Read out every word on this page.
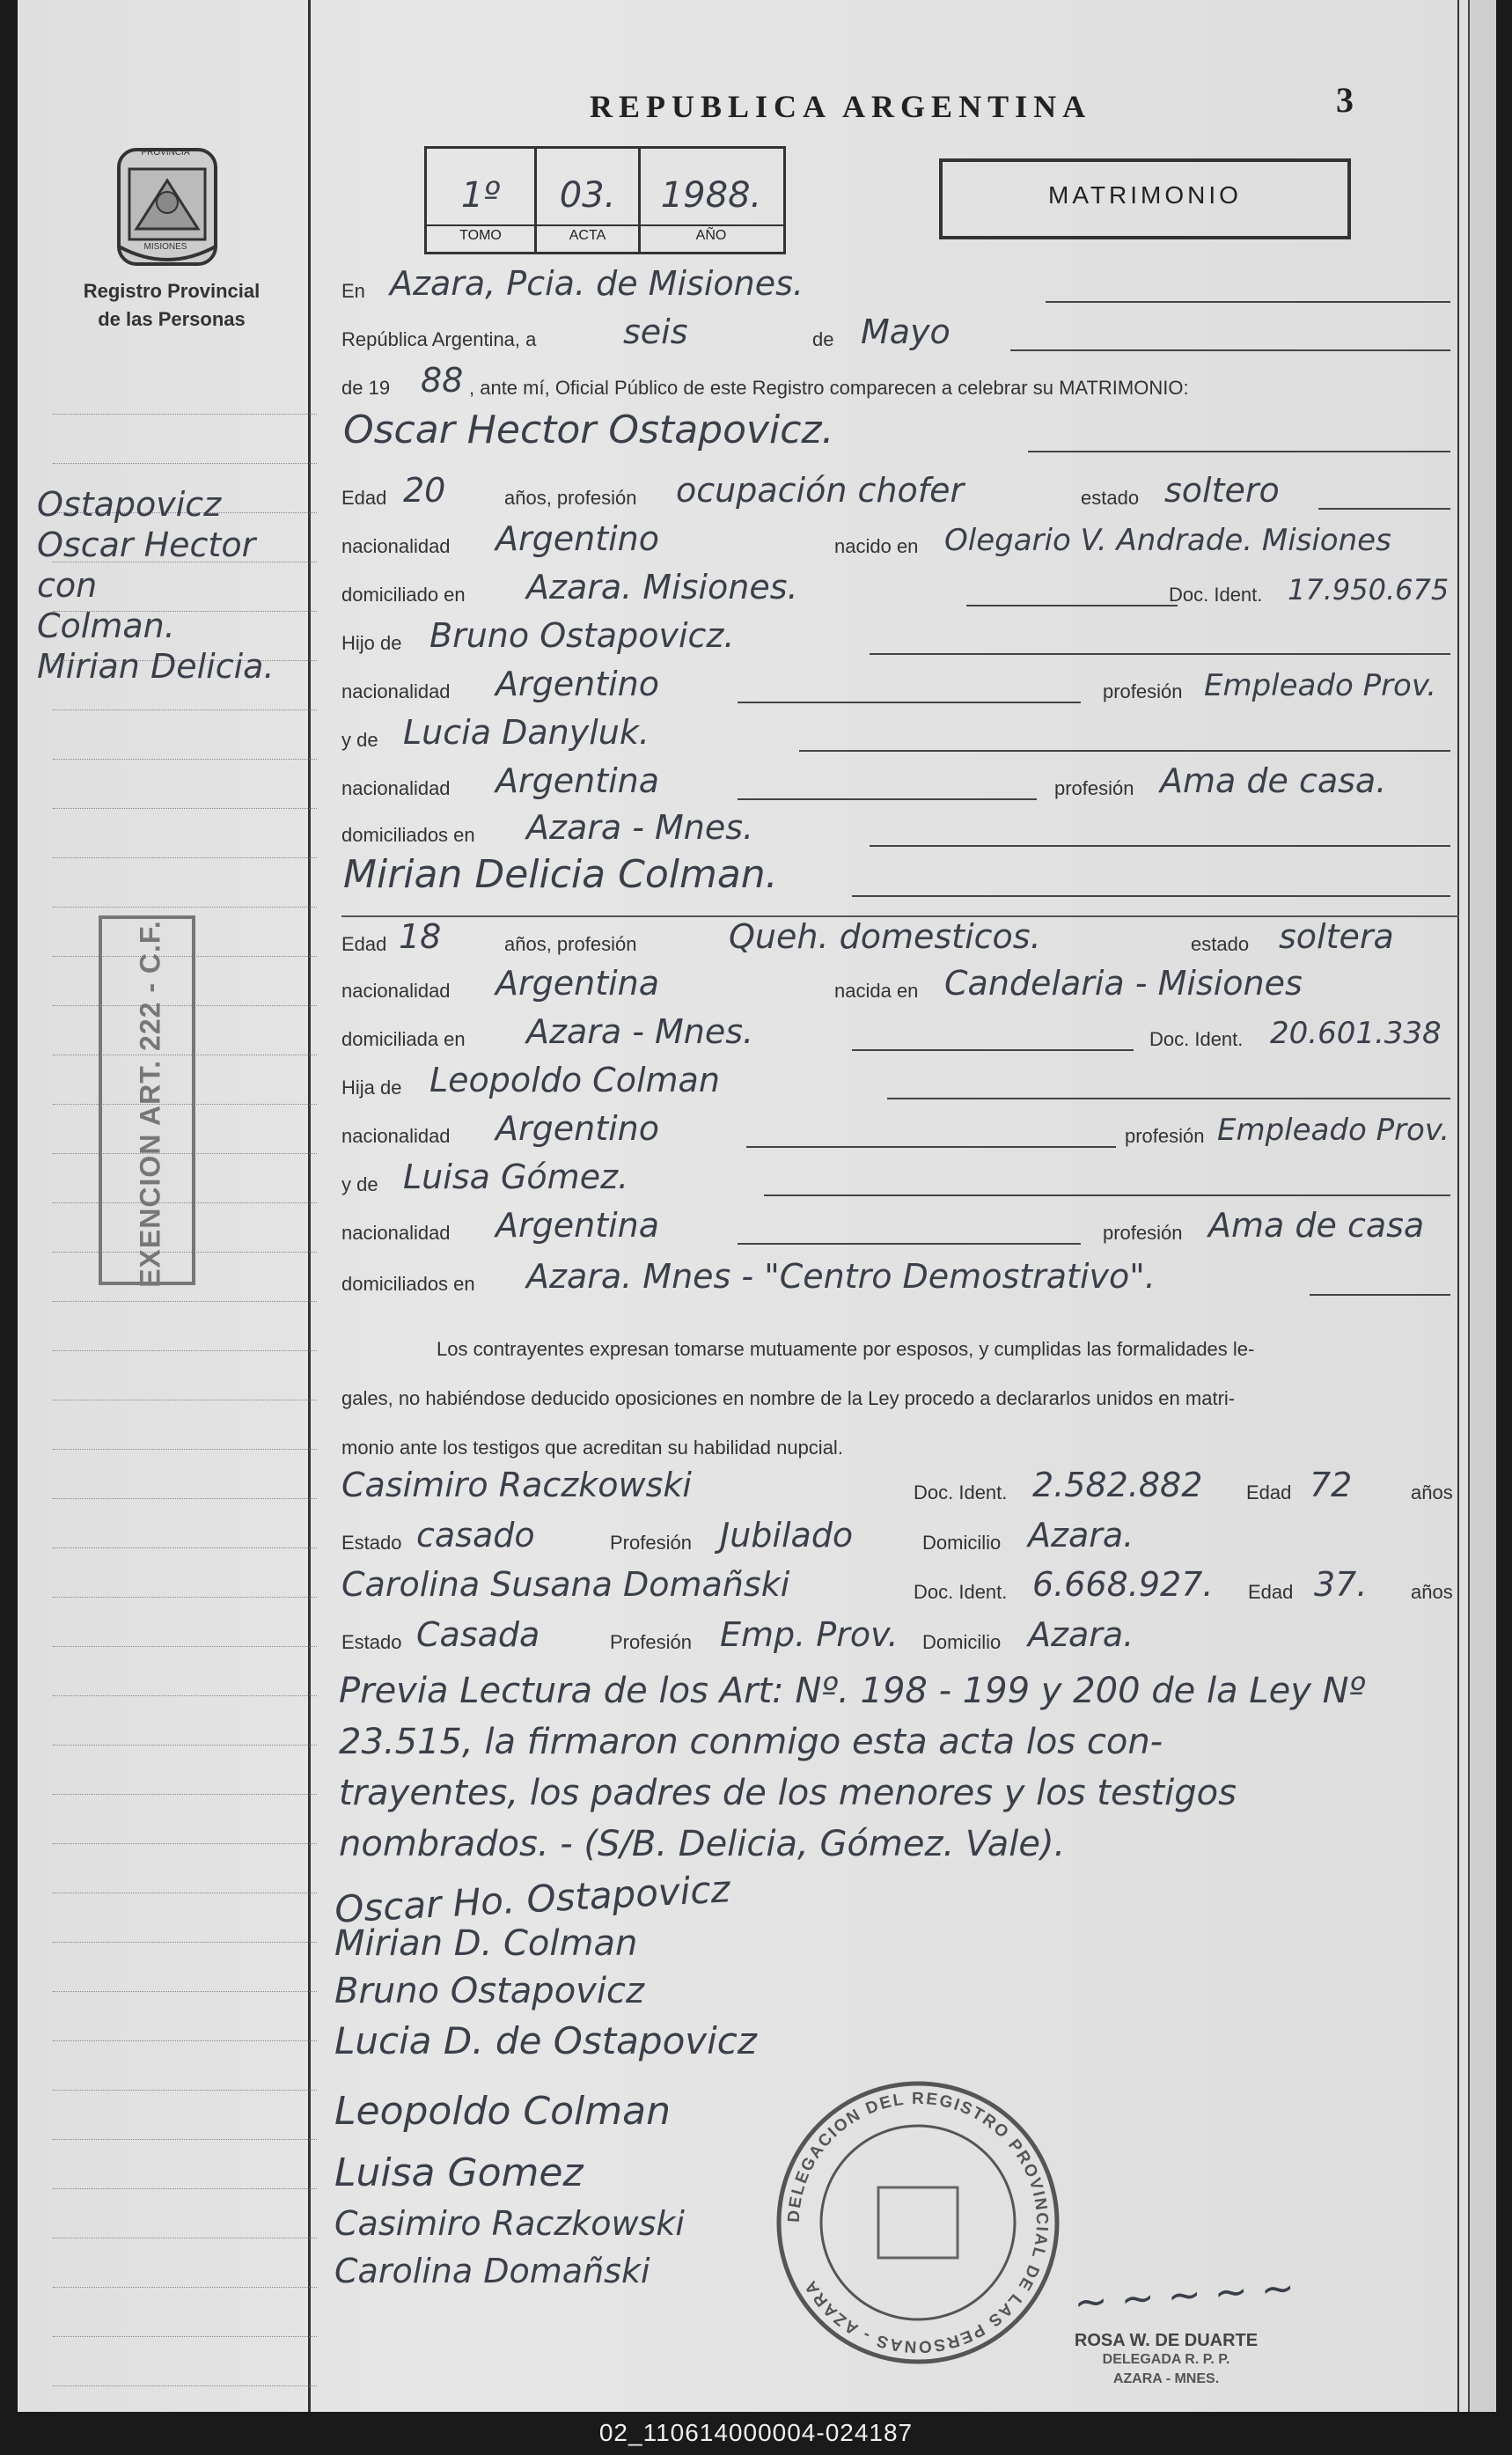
PROVINCIA
MISIONES
Registro Provincial
de las Personas
Ostapovicz
Oscar Hector
con
Colman.
Mirian Delicia.
EXENCION ART. 222 - C.F.
REPUBLICA ARGENTINA	3
1º	03.	1988.
TOMO	ACTA	AÑO
MATRIMONIO
En Azara, Pcia. de Misiones.
República Argentina, a	seis	de Mayo
de 19 88 , ante mí, Oficial Público de este Registro comparecen a celebrar su MATRIMONIO:
Oscar Hector Ostapovicz.
Edad 20	años, profesión ocupación chofer	estado soltero
nacionalidad Argentino	nacido en Olegario V. Andrade. Misiones
domiciliado en Azara. Misiones.	Doc. Ident. 17.950.675
Hijo de Bruno Ostapovicz.
nacionalidad Argentino	profesión Empleado Prov.
y de Lucia Danyluk.
nacionalidad Argentina	profesión Ama de casa.
domiciliados en Azara - Mnes.
Mirian Delicia Colman.
Edad 18	años, profesión	Queh. domesticos.	estado soltera
nacionalidad Argentina	nacida en Candelaria - Misiones
domiciliada en Azara - Mnes.	Doc. Ident. 20.601.338
Hija de Leopoldo Colman
nacionalidad Argentino	profesión Empleado Prov.
y de Luisa Gómez.
nacionalidad Argentina	profesión Ama de casa
domiciliados en Azara. Mnes - "Centro Demostrativo".
Los contrayentes expresan tomarse mutuamente por esposos, y cumplidas las formalidades le-
gales, no habiéndose deducido oposiciones en nombre de la Ley procedo a declararlos unidos en matri-
monio ante los testigos que acreditan su habilidad nupcial.
Casimiro Raczkowski	Doc. Ident. 2.582.882 Edad 72	años
Estado casado	Profesión Jubilado	Domicilio Azara.
Carolina Susana Domañski	Doc. Ident. 6.668.927. Edad 37. años
Estado Casada	Profesión Emp. Prov. Domicilio Azara.
Previa Lectura de los Art: Nº. 198 - 199 y 200 de la Ley Nº
23.515, la firmaron conmigo esta acta los con-
trayentes, los padres de los menores y los testigos
nombrados. - (S/B. Delicia, Gómez. Vale).
Oscar Ho. Ostapovicz
Mirian D. Colman
Bruno Ostapovicz
Lucia D. de Ostapovicz
Leopoldo Colman
Luisa Gomez
Casimiro Raczkowski
Carolina Domañski
DELEGACION DEL REGISTRO PROVINCIAL DE LAS PERSONAS - AZARA	~ ~ ~ ~ ~
ROSA W. DE DUARTE
DELEGADA R. P. P.
AZARA - MNES.
02_110614000004-024187
